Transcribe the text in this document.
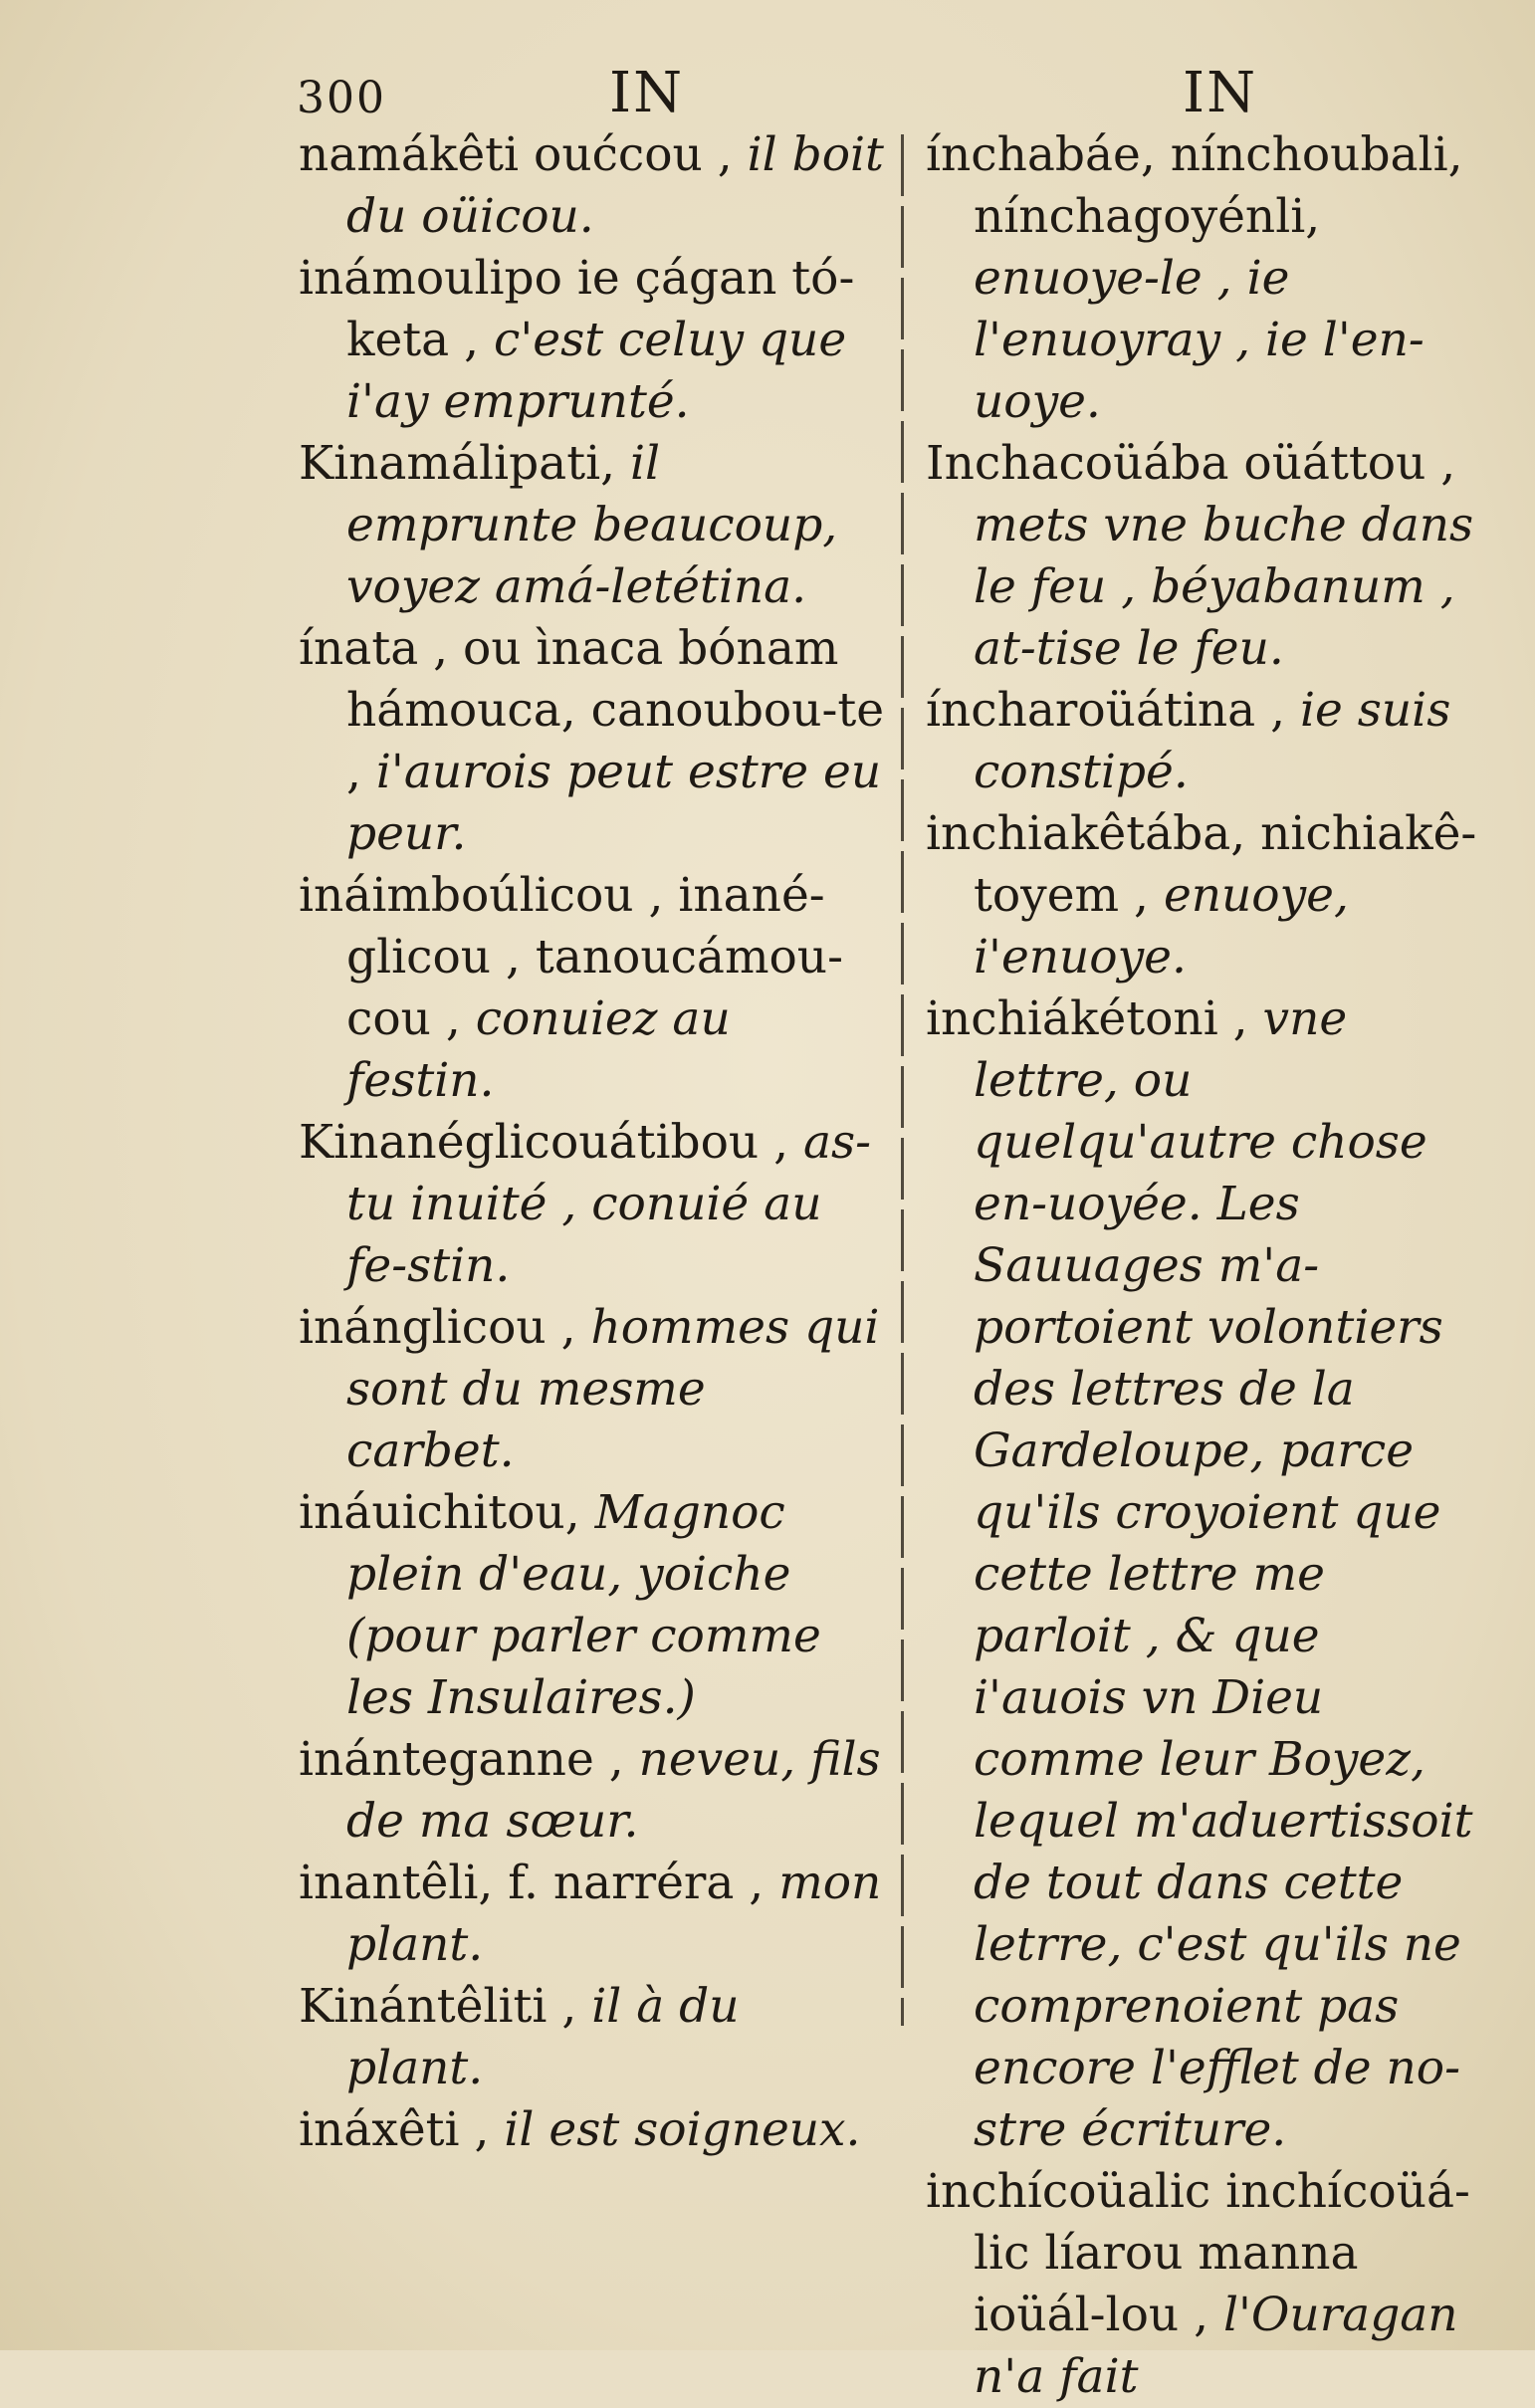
300	IN	IN

namákêti oućcou , il boit du oüicou.

inámoulipo ie çágan tó-keta , c'est celuy que i'ay emprunté.

Kinamálipati, il emprunte beaucoup, voyez amá-letétina.

ínata , ou ìnaca bónam hámouca, canoubou-te , i'aurois peut estre eu peur.

ináimboúlicou , inané-glicou , tanoucámou-cou , conuiez au festin.

Kinanéglicouátibou , as-tu inuité , conuié au fe-stin.

inánglicou , hommes qui sont du mesme carbet.

ináuichitou, Magnoc plein d'eau, yoiche (pour parler comme les Insulaires.)

inánteganne , neveu, fils de ma sœur.

inantêli, f. narréra , mon plant.

Kinántêliti , il à du plant.

ináxêti , il est soigneux.

ínchabáe, nínchoubali, nínchagoyénli, enuoye-le , ie l'enuoyray , ie l'en-uoye.

Inchacoüába oüáttou , mets vne buche dans le feu , béyabanum , at-tise le feu.

íncharoüátina , ie suis constipé.

inchiakêtába, nichiakê-toyem , enuoye, i'enuoye.

inchiákétoni , vne lettre, ou quelqu'autre chose en-uoyée. Les Sauuages m'a-portoient volontiers des lettres de la Gardeloupe, parce qu'ils croyoient que cette lettre me parloit , & que i'auois vn Dieu comme leur Boyez, lequel m'aduertissoit de tout dans cette letrre, c'est qu'ils ne comprenoient pas encore l'efflet de no-stre écriture.

inchícoüalic inchícoüá-lic líarou manna ioüál-lou , l'Ouragan n'a fait
